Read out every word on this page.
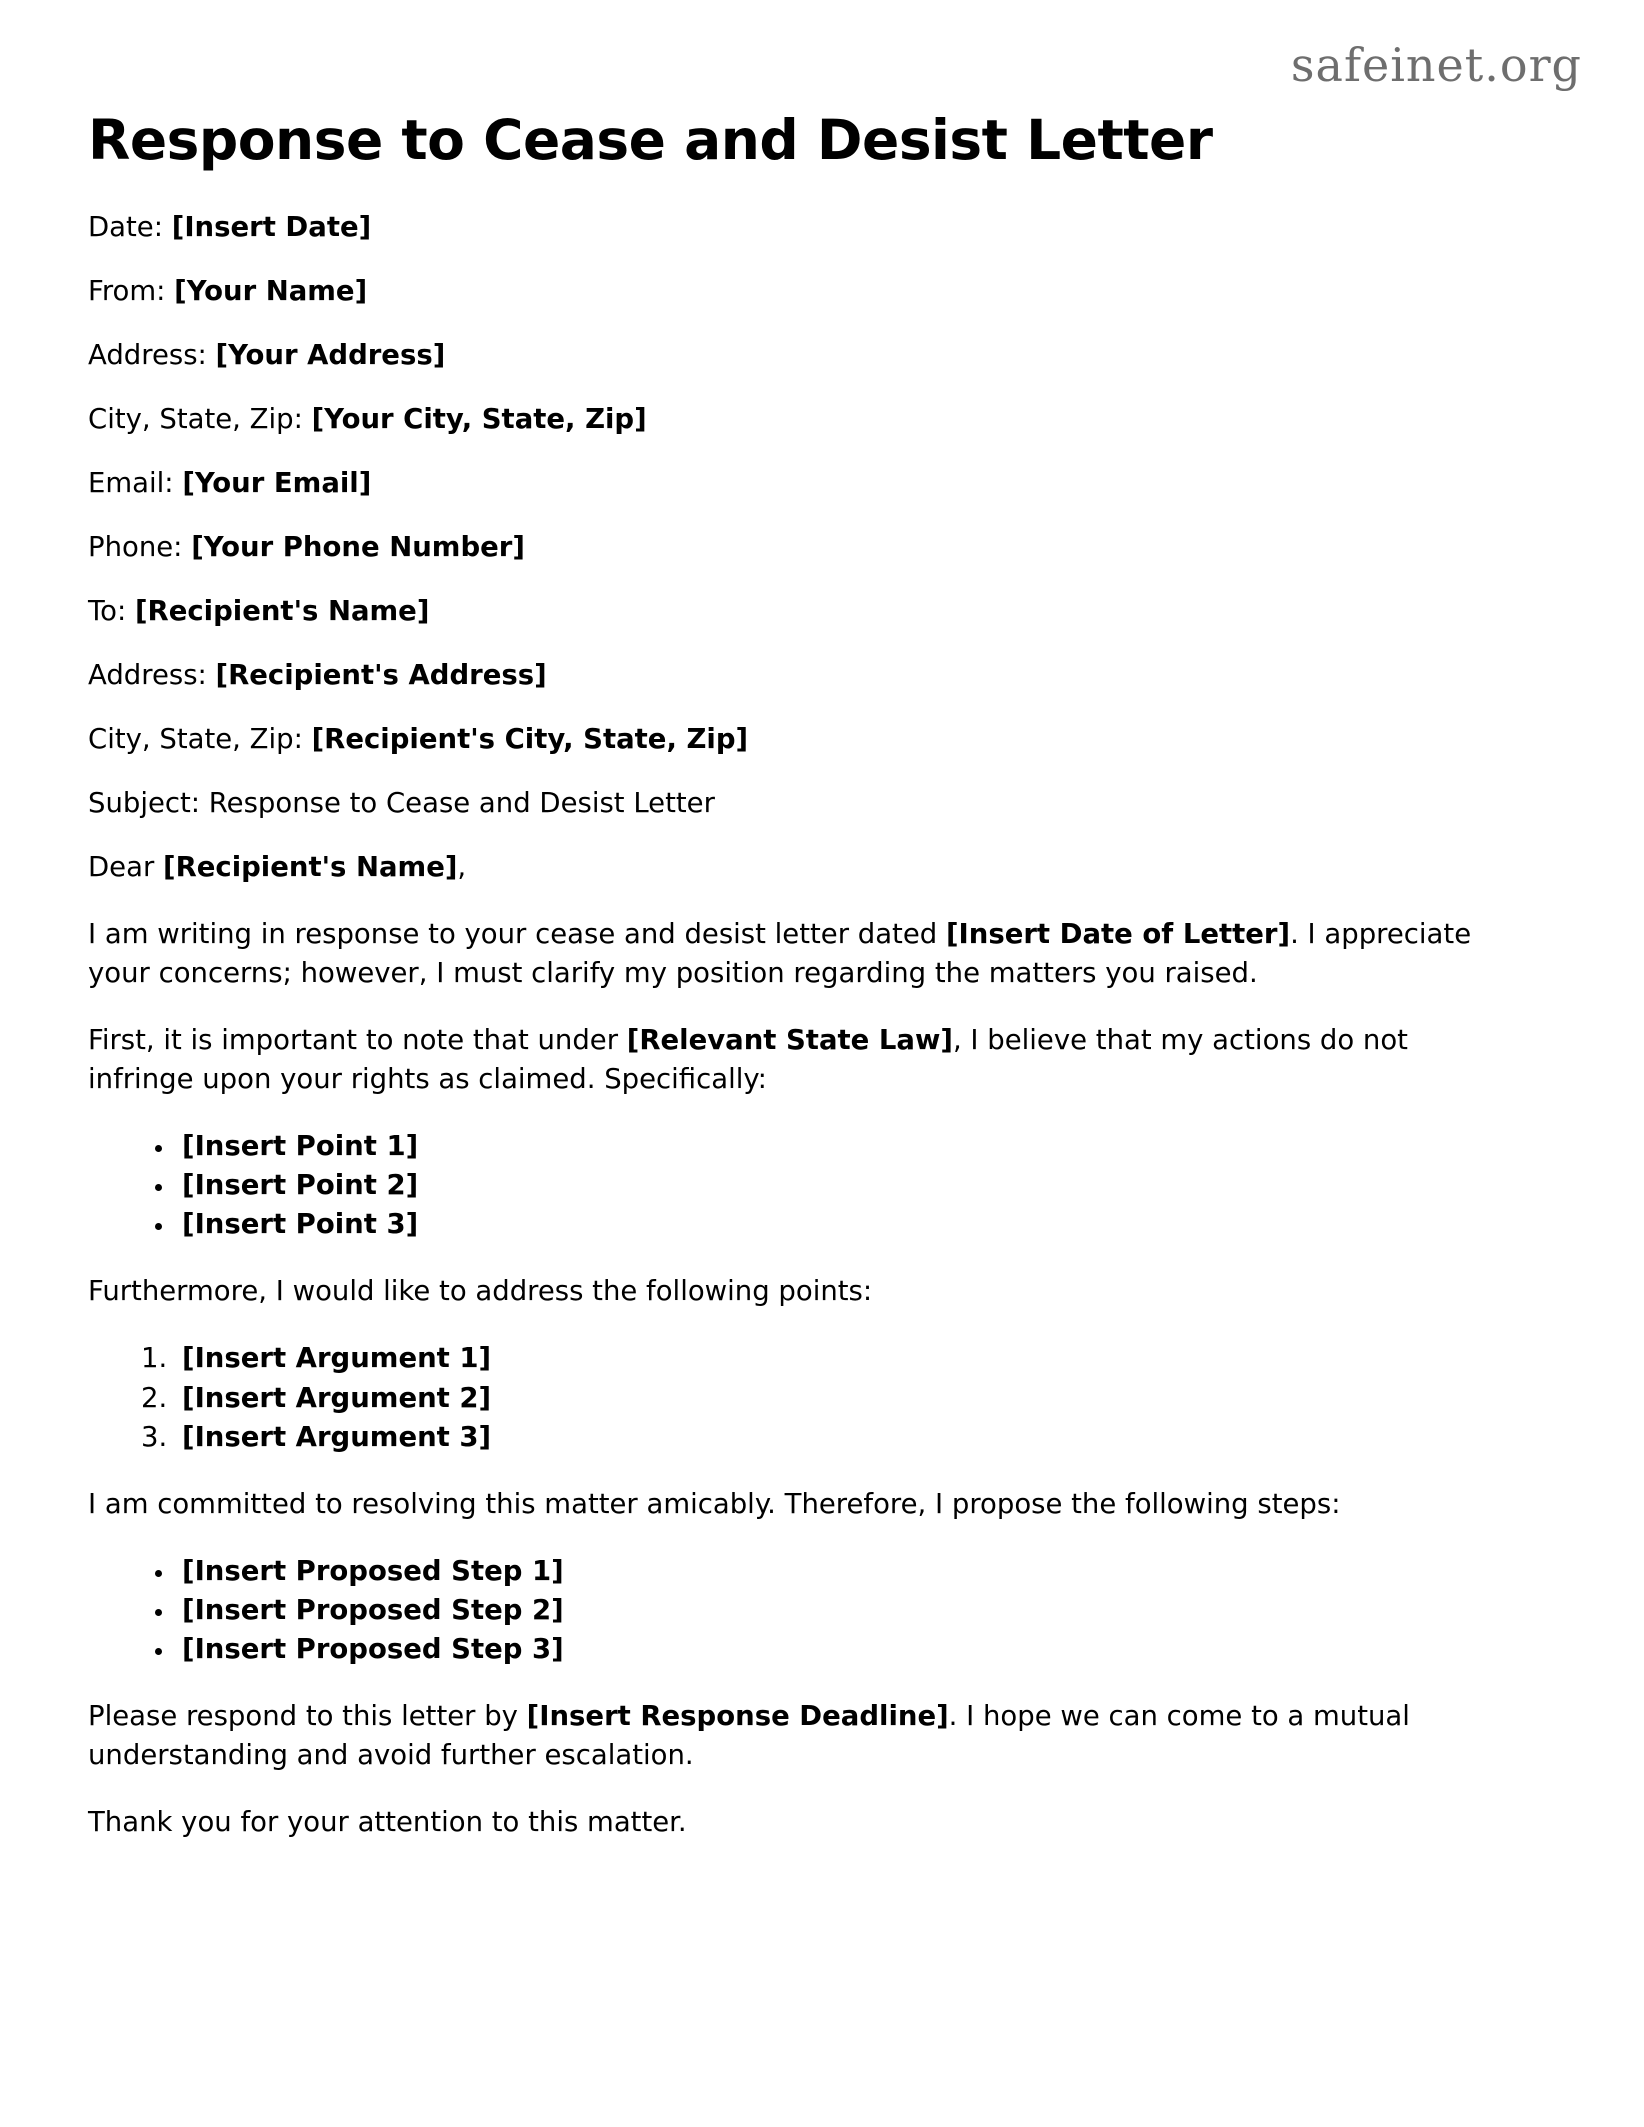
safeinet.org
Response to Cease and Desist Letter

Date: [Insert Date]

From: [Your Name]

Address: [Your Address]

City, State, Zip: [Your City, State, Zip]

Email: [Your Email]

Phone: [Your Phone Number]

To: [Recipient's Name]

Address: [Recipient's Address]

City, State, Zip: [Recipient's City, State, Zip]

Subject: Response to Cease and Desist Letter

Dear [Recipient's Name],

I am writing in response to your cease and desist letter dated [Insert Date of Letter]. I appreciate your concerns; however, I must clarify my position regarding the matters you raised.

First, it is important to note that under [Relevant State Law], I believe that my actions do not infringe upon your rights as claimed. Specifically:

• [Insert Point 1]
• [Insert Point 2]
• [Insert Point 3]

Furthermore, I would like to address the following points:

1. [Insert Argument 1]
2. [Insert Argument 2]
3. [Insert Argument 3]

I am committed to resolving this matter amicably. Therefore, I propose the following steps:

• [Insert Proposed Step 1]
• [Insert Proposed Step 2]
• [Insert Proposed Step 3]

Please respond to this letter by [Insert Response Deadline]. I hope we can come to a mutual understanding and avoid further escalation.

Thank you for your attention to this matter.
